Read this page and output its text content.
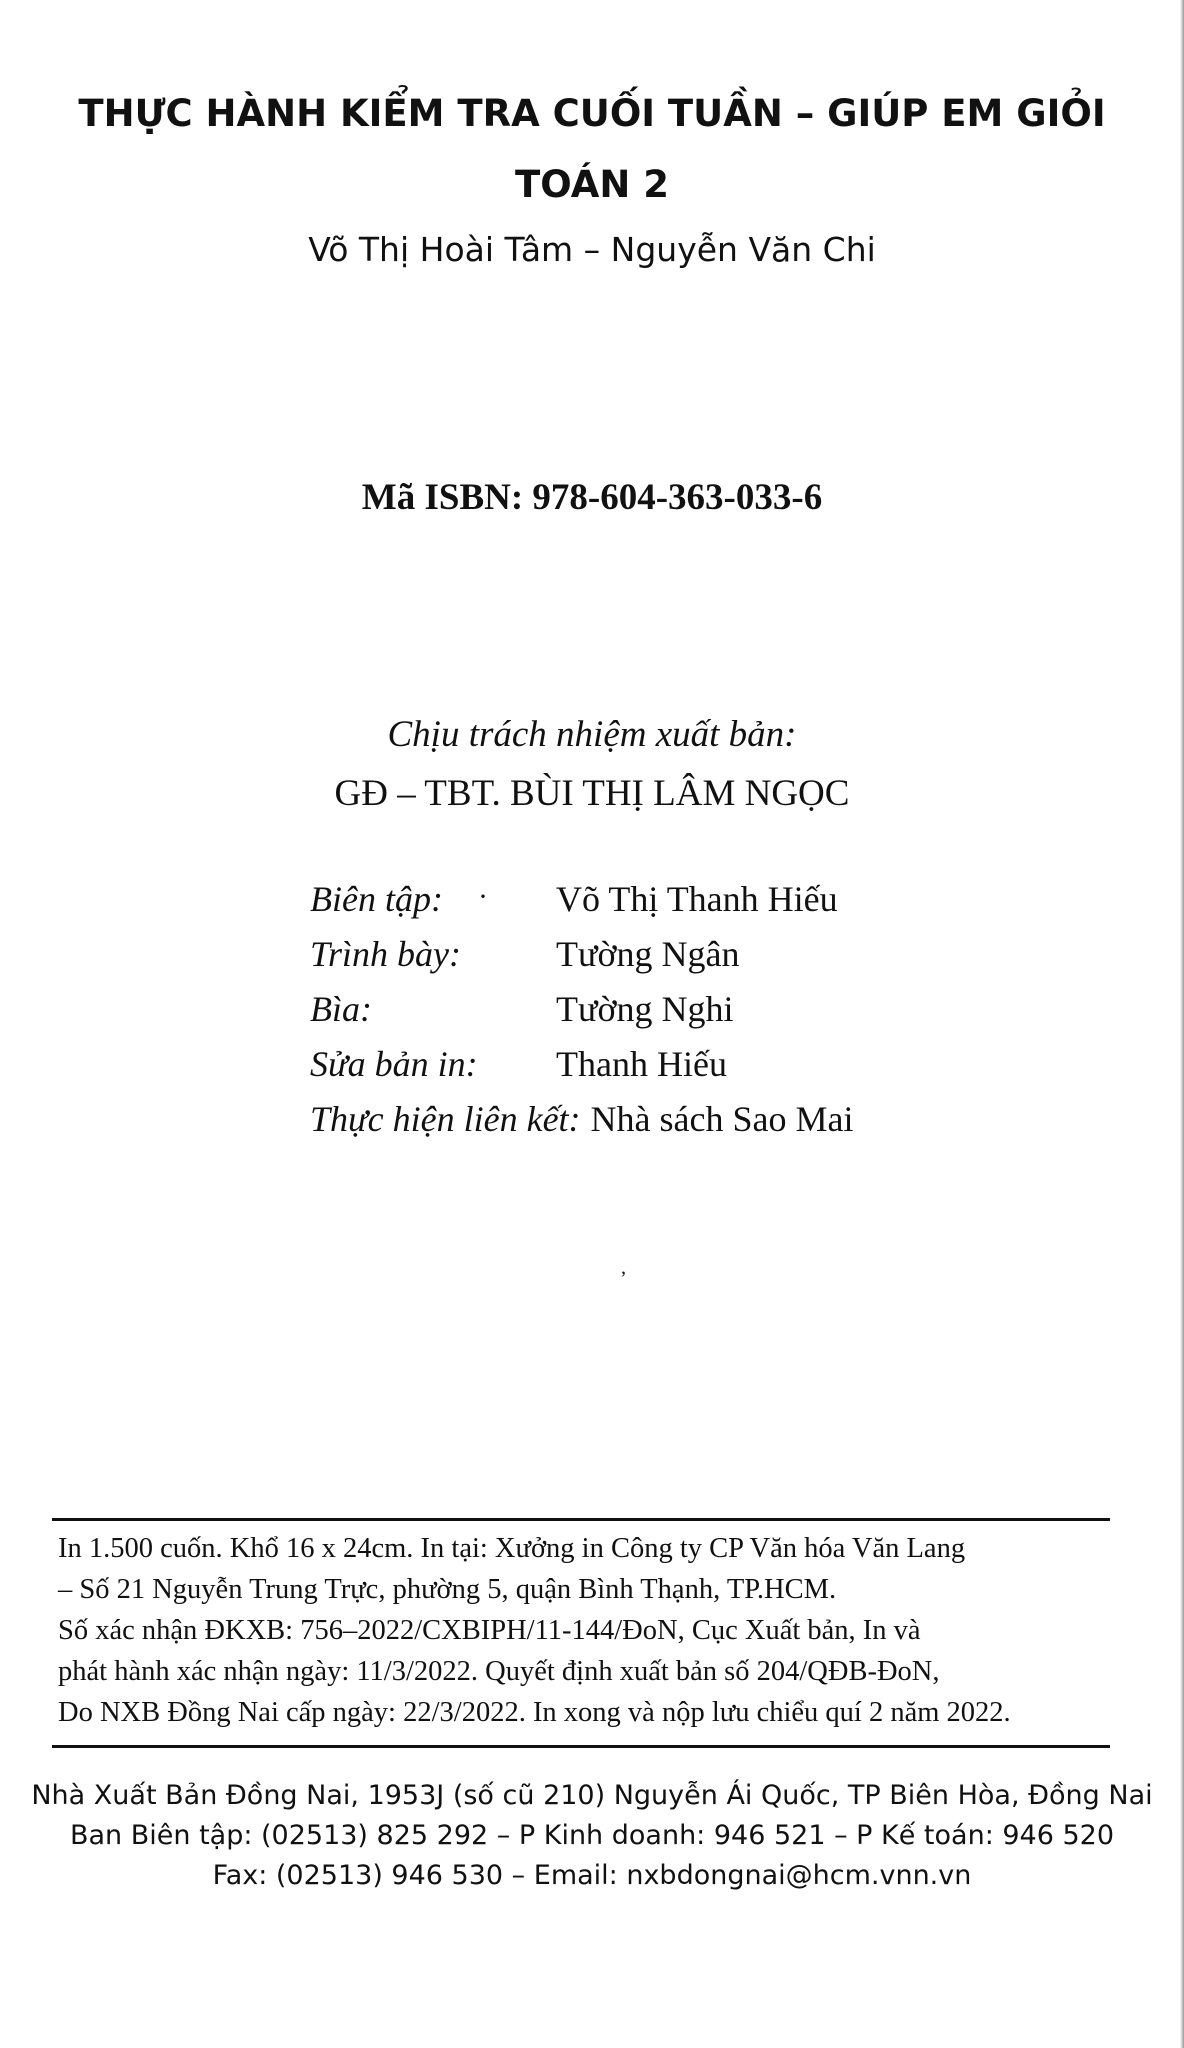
THỰC HÀNH KIỂM TRA CUỐI TUẦN – GIÚP EM GIỎI
TOÁN 2
Võ Thị Hoài Tâm – Nguyễn Văn Chi
Mã ISBN: 978-604-363-033-6
Chịu trách nhiệm xuất bản:
GĐ – TBT. BÙI THỊ LÂM NGỌC
Biên tập: · Võ Thị Thanh Hiếu
Trình bày:	Tường Ngân
Bìa:	Tường Nghi
Sửa bản in: Thanh Hiếu
Thực hiện liên kết: Nhà sách Sao Mai
ʼ
In 1.500 cuốn. Khổ 16 x 24cm. In tại: Xưởng in Công ty CP Văn hóa Văn Lang
– Số 21 Nguyễn Trung Trực, phường 5, quận Bình Thạnh, TP.HCM.
Số xác nhận ĐKXB: 756–2022/CXBIPH/11-144/ĐoN, Cục Xuất bản, In và
phát hành xác nhận ngày: 11/3/2022. Quyết định xuất bản số 204/QĐB-ĐoN,
Do NXB Đồng Nai cấp ngày: 22/3/2022. In xong và nộp lưu chiểu quí 2 năm 2022.
Nhà Xuất Bản Đồng Nai, 1953J (số cũ 210) Nguyễn Ái Quốc, TP Biên Hòa, Đồng Nai
Ban Biên tập: (02513) 825 292 – P Kinh doanh: 946 521 – P Kế toán: 946 520
Fax: (02513) 946 530 – Email: nxbdongnai@hcm.vnn.vn
